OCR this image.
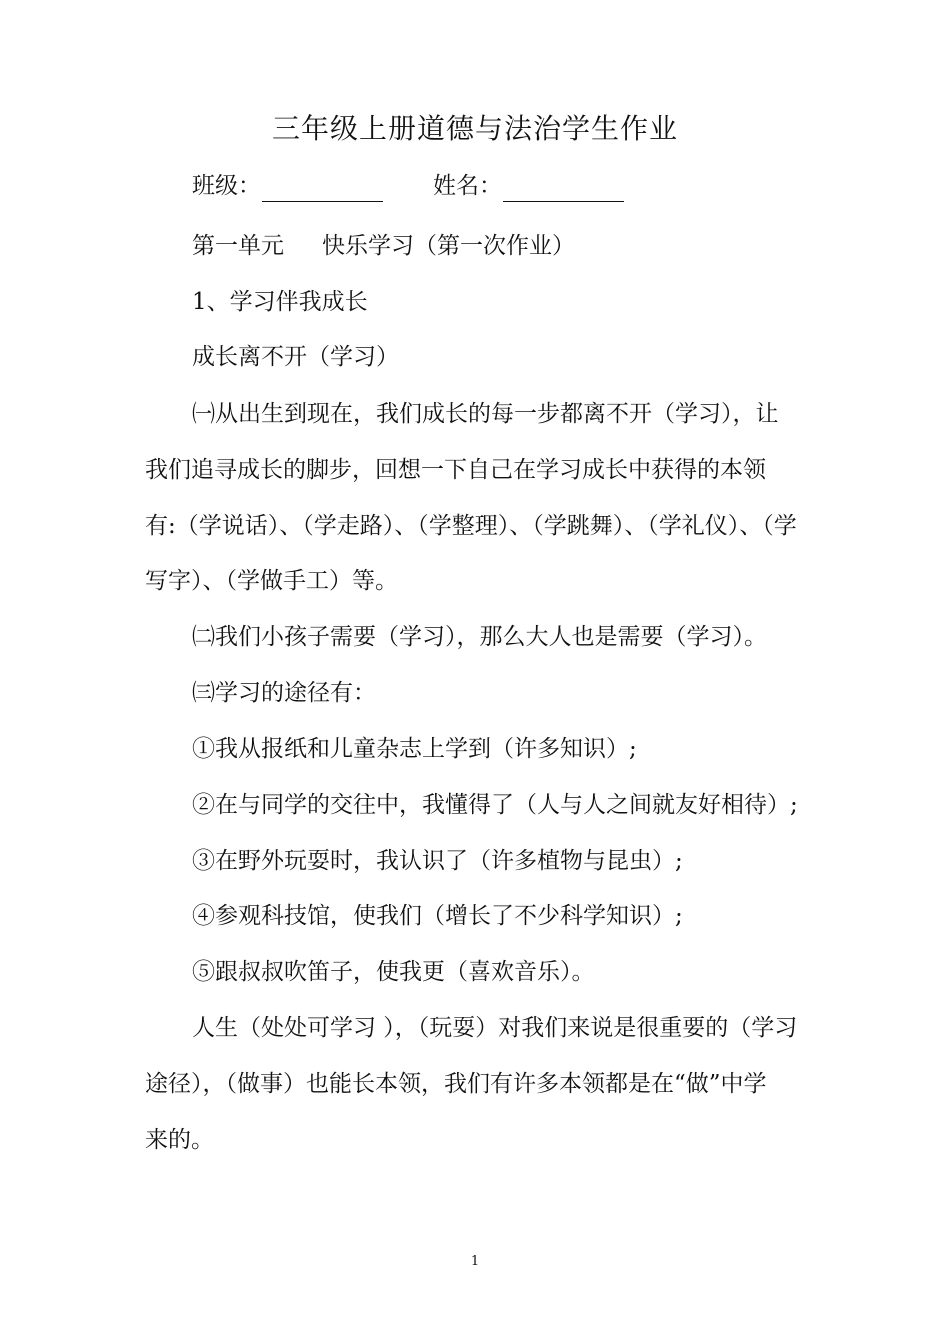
三年级上册道德与法治学生作业
班级：	姓名：
第一单元 快乐学习（第一次作业）
1、学习伴我成长
成长离不开（学习）
㈠从出生到现在，我们成长的每一步都离不开（学习），让
我们追寻成长的脚步，回想一下自己在学习成长中获得的本领
有:（学说话）、（学走路）、（学整理）、（学跳舞）、（学礼仪）、（学
写字）、（学做手工）等。
㈡我们小孩子需要（学习），那么大人也是需要（学习）。
㈢学习的途径有：
①我从报纸和儿童杂志上学到（许多知识）;
②在与同学的交往中，我懂得了（人与人之间就友好相待）;
③在野外玩耍时，我认识了（许多植物与昆虫）;
④参观科技馆，使我们（增长了不少科学知识）;
⑤跟叔叔吹笛子，使我更（喜欢音乐）。
人生（处处可学习 ），（玩耍）对我们来说是很重要的（学习
途径），（做事）也能长本领，我们有许多本领都是在“做”中学
来的。
1
